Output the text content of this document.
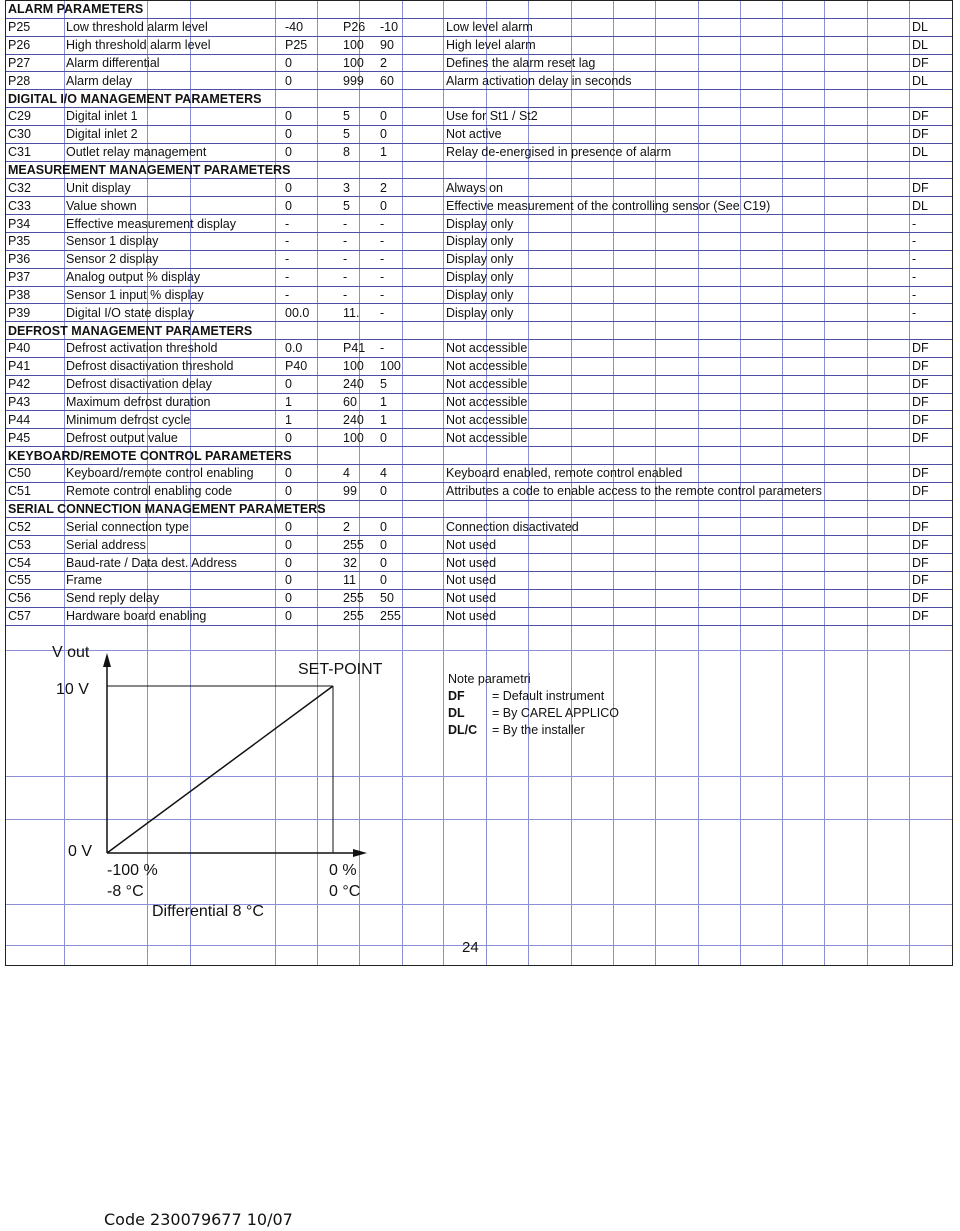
ALARM PARAMETERS						
P25	Low threshold alarm level	-40	P26	-10	Low level alarm	DL
P26	High threshold alarm level	P25	100	90	High level alarm	DL
P27	Alarm differential	0	100	2	Defines the alarm reset lag	DF
P28	Alarm delay	0	999	60	Alarm activation delay in seconds	DL
DIGITAL I/O MANAGEMENT PARAMETERS						
C29	Digital inlet 1	0	5	0	Use for St1 / St2	DF
C30	Digital inlet 2	0	5	0	Not active	DF
C31	Outlet relay management	0	8	1	Relay de-energised in presence of alarm	DL
MEASUREMENT MANAGEMENT PARAMETERS						
C32	Unit display	0	3	2	Always on	DF
C33	Value shown	0	5	0	Effective measurement of the controlling sensor (See C19)	DL
P34	Effective measurement display	-	-	-	Display only	-
P35	Sensor 1 display	-	-	-	Display only	-
P36	Sensor 2 display	-	-	-	Display only	-
P37	Analog output % display	-	-	-	Display only	-
P38	Sensor 1 input % display	-	-	-	Display only	-
P39	Digital I/O state display	00.0	11.	-	Display only	-
DEFROST MANAGEMENT PARAMETERS						
P40	Defrost activation threshold	0.0	P41	-	Not accessible	DF
P41	Defrost disactivation threshold	P40	100	100	Not accessible	DF
P42	Defrost disactivation delay	0	240	5	Not accessible	DF
P43	Maximum defrost duration	1	60	1	Not accessible	DF
P44	Minimum defrost cycle	1	240	1	Not accessible	DF
P45	Defrost output value	0	100	0	Not accessible	DF
KEYBOARD/REMOTE CONTROL PARAMETERS						
C50	Keyboard/remote control enabling	0	4	4	Keyboard enabled, remote control enabled	DF
C51	Remote control enabling code	0	99	0	Attributes a code to enable access to the remote control parameters	DF
SERIAL CONNECTION MANAGEMENT PARAMETERS						
C52	Serial connection type	0	2	0	Connection disactivated	DF
C53	Serial address	0	255	0	Not used	DF
C54	Baud-rate / Data dest. Address	0	32	0	Not used	DF
C55	Frame	0	11	0	Not used	DF
C56	Send reply delay	0	255	50	Not used	DF
C57	Hardware board enabling	0	255	255	Not used	DF
V out
10 V
SET-POINT
0 V
-100 %
-8 °C
0 %
0 °C
Differential 8 °C
Note parametri
DF = Default instrument
DL = By CAREL APPLICO
DL/C = By the installer
24
Code 230079677 10/07
